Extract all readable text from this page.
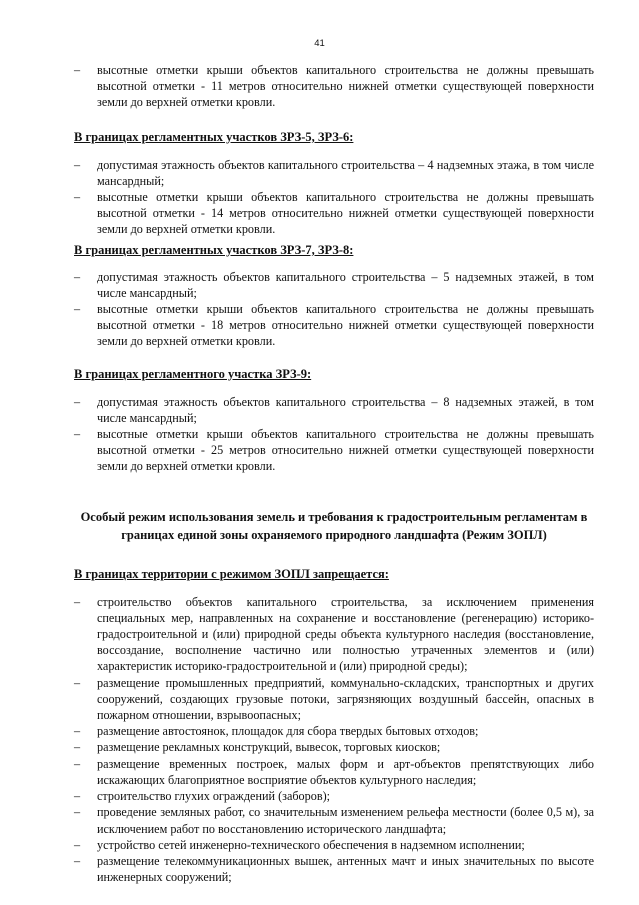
41
– высотные отметки крыши объектов капитального строительства не должны превышать высотной отметки - 11 метров относительно нижней отметки существующей поверхности земли до верхней отметки кровли.

В границах регламентных участков ЗРЗ-5, ЗРЗ-6:

– допустимая этажность объектов капитального строительства – 4 надземных этажа, в том числе мансардный;
– высотные отметки крыши объектов капитального строительства не должны превышать высотной отметки - 14 метров относительно нижней отметки существующей поверхности земли до верхней отметки кровли.

В границах регламентных участков ЗРЗ-7, ЗРЗ-8:

– допустимая этажность объектов капитального строительства – 5 надземных этажей, в том числе мансардный;
– высотные отметки крыши объектов капитального строительства не должны превышать высотной отметки - 18 метров относительно нижней отметки существующей поверхности земли до верхней отметки кровли.

В границах регламентного участка ЗРЗ-9:

– допустимая этажность объектов капитального строительства – 8 надземных этажей, в том числе мансардный;
– высотные отметки крыши объектов капитального строительства не должны превышать высотной отметки - 25 метров относительно нижней отметки существующей поверхности земли до верхней отметки кровли.

Особый режим использования земель и требования к градостроительным регламентам в границах единой зоны охраняемого природного ландшафта (Режим ЗОПЛ)

В границах территории с режимом ЗОПЛ запрещается:

– строительство объектов капитального строительства, за исключением применения специальных мер, направленных на сохранение и восстановление (регенерацию) историко-градостроительной и (или) природной среды объекта культурного наследия (восстановление, воссоздание, восполнение частично или полностью утраченных элементов и (или) характеристик историко-градостроительной и (или) природной среды);
– размещение промышленных предприятий, коммунально-складских, транспортных и других сооружений, создающих грузовые потоки, загрязняющих воздушный бассейн, опасных в пожарном отношении, взрывоопасных;
– размещение автостоянок, площадок для сбора твердых бытовых отходов;
– размещение рекламных конструкций, вывесок, торговых киосков;
– размещение временных построек, малых форм и арт-объектов препятствующих либо искажающих благоприятное восприятие объектов культурного наследия;
– строительство глухих ограждений (заборов);
– проведение земляных работ, со значительным изменением рельефа местности (более 0,5 м), за исключением работ по восстановлению исторического ландшафта;
– устройство сетей инженерно-технического обеспечения в надземном исполнении;
– размещение телекоммуникационных вышек, антенных мачт и иных значительных по высоте инженерных сооружений;
